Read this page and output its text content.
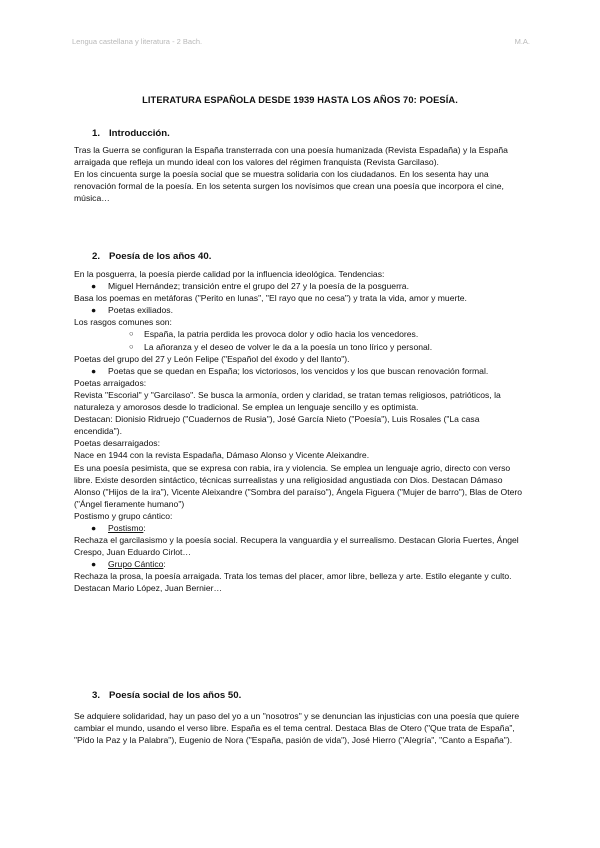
Lengua castellana y literatura - 2 Bach.	M.A.
LITERATURA ESPAÑOLA DESDE 1939 HASTA LOS AÑOS 70: POESÍA.
1. Introducción.

Tras la Guerra se configuran la España transterrada con una poesía humanizada (Revista Espadaña) y la España arraigada que refleja un mundo ideal con los valores del régimen franquista (Revista Garcilaso).

En los cincuenta surge la poesía social que se muestra solidaria con los ciudadanos. En los sesenta hay una renovación formal de la poesía. En los setenta surgen los novísimos que crean una poesía que incorpora el cine, música…

2. Poesía de los años 40.

En la posguerra, la poesía pierde calidad por la influencia ideológica. Tendencias:

● Miguel Hernández; transición entre el grupo del 27 y la poesía de la posguerra.

Basa los poemas en metáforas ("Perito en lunas", "El rayo que no cesa") y trata la vida, amor y muerte.

● Poetas exiliados.

Los rasgos comunes son:

○ España, la patria perdida les provoca dolor y odio hacia los vencedores.
○ La añoranza y el deseo de volver le da a la poesía un tono lírico y personal.

Poetas del grupo del 27 y León Felipe ("Español del éxodo y del llanto").

● Poetas que se quedan en España; los victoriosos, los vencidos y los que buscan renovación formal.

Poetas arraigados:

Revista "Escorial" y "Garcilaso". Se busca la armonía, orden y claridad, se tratan temas religiosos, patrióticos, la naturaleza y amorosos desde lo tradicional. Se emplea un lenguaje sencillo y es optimista.

Destacan: Dionisio Ridruejo ("Cuadernos de Rusia"), José García Nieto ("Poesía"), Luis Rosales ("La casa encendida").

Poetas desarraigados:

Nace en 1944 con la revista Espadaña, Dámaso Alonso y Vicente Aleixandre.

Es una poesía pesimista, que se expresa con rabia, ira y violencia. Se emplea un lenguaje agrio, directo con verso libre. Existe desorden sintáctico, técnicas surrealistas y una religiosidad angustiada con Dios. Destacan Dámaso Alonso ("Hijos de la ira"), Vicente Aleixandre ("Sombra del paraíso"), Ángela Figuera ("Mujer de barro"), Blas de Otero ("Ángel fieramente humano")

Postismo y grupo cántico:

● Postismo:

Rechaza el garcilasismo y la poesía social. Recupera la vanguardia y el surrealismo. Destacan Gloria Fuertes, Ángel Crespo, Juan Eduardo Cirlot…

● Grupo Cántico:

Rechaza la prosa, la poesía arraigada. Trata los temas del placer, amor libre, belleza y arte. Estilo elegante y culto. Destacan Mario López, Juan Bernier…

3. Poesía social de los años 50.

Se adquiere solidaridad, hay un paso del yo a un "nosotros" y se denuncian las injusticias con una poesía que quiere cambiar el mundo, usando el verso libre. España es el tema central. Destaca Blas de Otero ("Que trata de España", "Pido la Paz y la Palabra"), Eugenio de Nora ("España, pasión de vida"), José Hierro ("Alegría", "Canto a España").
